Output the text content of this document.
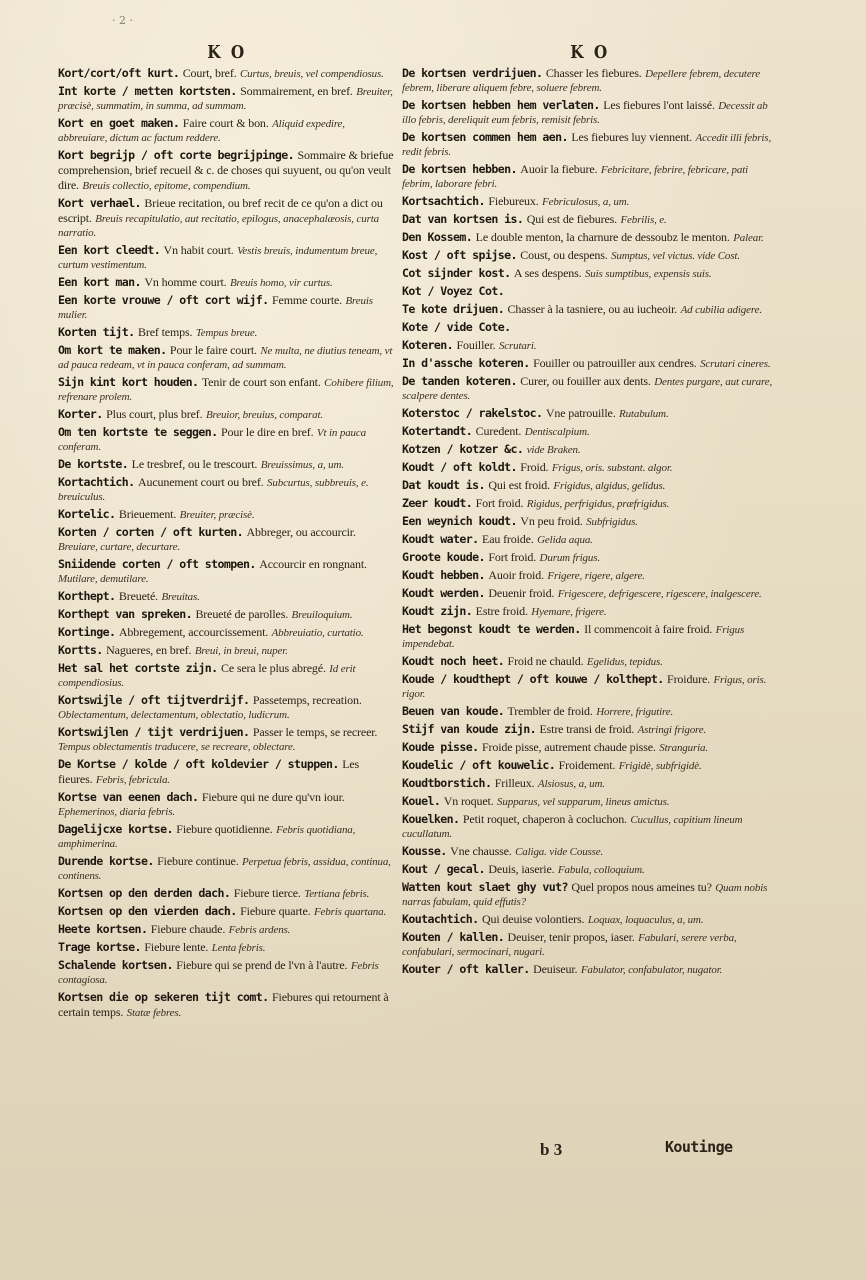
· 2 ·
K O
Kort/cort/oft kurt. Court, bref. Curtus, breuis, vel compendiosus.
Int korte / metten kortsten. Sommairement, en bref. Breuiter, præcisè, summatim, in summa, ad summam.
Kort en goet maken. Faire court & bon. Aliquid expedire, abbreuiare, dictum ac factum reddere.
Kort begrijp / oft corte begrijpinge. Sommaire & briefue comprehension, brief recueil & c. de choses qui suyuent, ou qu'on veult dire. Breuis collectio, epitome, compendium.
Kort verhael. Brieue recitation, ou bref recit de ce qu'on a dict ou escript. Breuis recapitulatio, aut recitatio, epilogus, anacephalæosis, curta narratio.
Een kort cleedt. Vn habit court. Vestis breuis, indumentum breue, curtum vestimentum.
Een kort man. Vn homme court. Breuis homo, vir curtus.
Een korte vrouwe / oft cort wijf. Femme courte. Breuis mulier.
Korten tijt. Bref temps. Tempus breue.
Om kort te maken. Pour le faire court. Ne multa, ne diutius teneam, vt ad pauca redeam, vt in pauca conferam, ad summam.
Sijn kint kort houden. Tenir de court son enfant. Cohibere filium, refrenare prolem.
Korter. Plus court, plus bref. Breuior, breuius, comparat.
Om ten kortste te seggen. Pour le dire en bref. Vt in pauca conferam.
De kortste. Le tresbref, ou le trescourt. Breuissimus, a, um.
Kortachtich. Aucunement court ou bref. Subcurtus, subbreuis, e. breuiculus.
Kortelic. Brieuement. Breuiter, præcisè.
Korten / corten / oft kurten. Abbreger, ou accourcir. Breuiare, curtare, decurtare.
Sniidende corten / oft stompen. Accourcir en rongnant. Mutilare, demutilare.
Korthept. Breueté. Breuitas.
Korthept van spreken. Breueté de parolles. Breuiloquium.
Kortinge. Abbregement, accourcissement. Abbreuiatio, curtatio.
Kortts. Nagueres, en bref. Breui, in breui, nuper.
Het sal het cortste zijn. Ce sera le plus abregé. Id erit compendiosius.
Kortswijle / oft tijtverdrijf. Passetemps, recreation. Oblectamentum, delectamentum, oblectatio, ludicrum.
Kortswijlen / tijt verdrijuen. Passer le temps, se recreer. Tempus oblectamentis traducere, se recreare, oblectare.
De Kortse / kolde / oft koldevier / stuppen. Les fieures. Febris, febricula.
Kortse van eenen dach. Fiebure qui ne dure qu'vn iour. Ephemerinos, diaria febris.
Dagelijcxe kortse. Fiebure quotidienne. Febris quotidiana, amphimerina.
Durende kortse. Fiebure continue. Perpetua febris, assidua, continua, continens.
Kortsen op den derden dach. Fiebure tierce. Tertiana febris.
Kortsen op den vierden dach. Fiebure quarte. Febris quartana.
Heete kortsen. Fiebure chaude. Febris ardens.
Trage kortse. Fiebure lente. Lenta febris.
Schalende kortsen. Fiebure qui se prend de l'vn à l'autre. Febris contagiosa.
Kortsen die op sekeren tijt comt. Fiebures qui retournent à certain temps. Statæ febres.
K O
De kortsen verdrijuen. Chasser les fiebures. Depellere febrem, decutere febrem, liberare aliquem febre, soluere febrem.
De kortsen hebben hem verlaten. Les fiebures l'ont laissé. Decessit ab illo febris, dereliquit eum febris, remisit febris.
De kortsen commen hem aen. Les fiebures luy viennent. Accedit illi febris, redit febris.
De kortsen hebben. Auoir la fiebure. Febricitare, febrire, febricare, pati febrim, laborare febri.
Kortsachtich. Fiebureux. Febriculosus, a, um.
Dat van kortsen is. Qui est de fiebures. Febrilis, e.
Den Kossem. Le double menton, la charnure de dessoubz le menton. Palear.
Kost / oft spijse. Coust, ou despens. Sumptus, vel victus. vide Cost.
Cot sijnder kost. A ses despens. Suis sumptibus, expensis suis.
Kot / Voyez Cot.
Te kote drijuen. Chasser à la tasniere, ou au iucheoir. Ad cubilia adigere.
Kote / vide Cote.
Koteren. Fouiller. Scrutari.
In d'assche koteren. Fouiller ou patrouiller aux cendres. Scrutari cineres.
De tanden koteren. Curer, ou fouiller aux dents. Dentes purgare, aut curare, scalpere dentes.
Koterstoc / rakelstoc. Vne patrouille. Rutabulum.
Kotertandt. Curedent. Dentiscalpium.
Kotzen / kotzer &c. vide Braken.
Koudt / oft koldt. Froid. Frigus, oris. substant. algor.
Dat koudt is. Qui est froid. Frigidus, algidus, gelidus.
Zeer koudt. Fort froid. Rigidus, perfrigidus, præfrigidus.
Een weynich koudt. Vn peu froid. Subfrigidus.
Koudt water. Eau froide. Gelida aqua.
Groote koude. Fort froid. Durum frigus.
Koudt hebben. Auoir froid. Frigere, rigere, algere.
Koudt werden. Deuenir froid. Frigescere, defrigescere, rigescere, inalgescere.
Koudt zijn. Estre froid. Hyemare, frigere.
Het begonst koudt te werden. Il commencoit à faire froid. Frigus impendebat.
Koudt noch heet. Froid ne chauld. Egelidus, tepidus.
Koude / koudthept / oft kouwe / kolthept. Froidure. Frigus, oris. rigor.
Beuen van koude. Trembler de froid. Horrere, frigutire.
Stijf van koude zijn. Estre transi de froid. Astringi frigore.
Koude pisse. Froide pisse, autrement chaude pisse. Stranguria.
Koudelic / oft kouwelic. Froidement. Frigidè, subfrigidè.
Koudtborstich. Frilleux. Alsiosus, a, um.
Kouel. Vn roquet. Supparus, vel supparum, lineus amictus.
Kouelken. Petit roquet, chaperon à cocluchon. Cucullus, capitium lineum cucullatum.
Kousse. Vne chausse. Caliga. vide Cousse.
Kout / gecal. Deuis, iaserie. Fabula, colloquium.
Watten kout slaet ghy vut? Quel propos nous ameines tu? Quam nobis narras fabulam, quid effutis?
Koutachtich. Qui deuise volontiers. Loquax, loquaculus, a, um.
Kouten / kallen. Deuiser, tenir propos, iaser. Fabulari, serere verba, confabulari, sermocinari, nugari.
Kouter / oft kaller. Deuiseur. Fabulator, confabulator, nugator.
b 3	Koutinge
